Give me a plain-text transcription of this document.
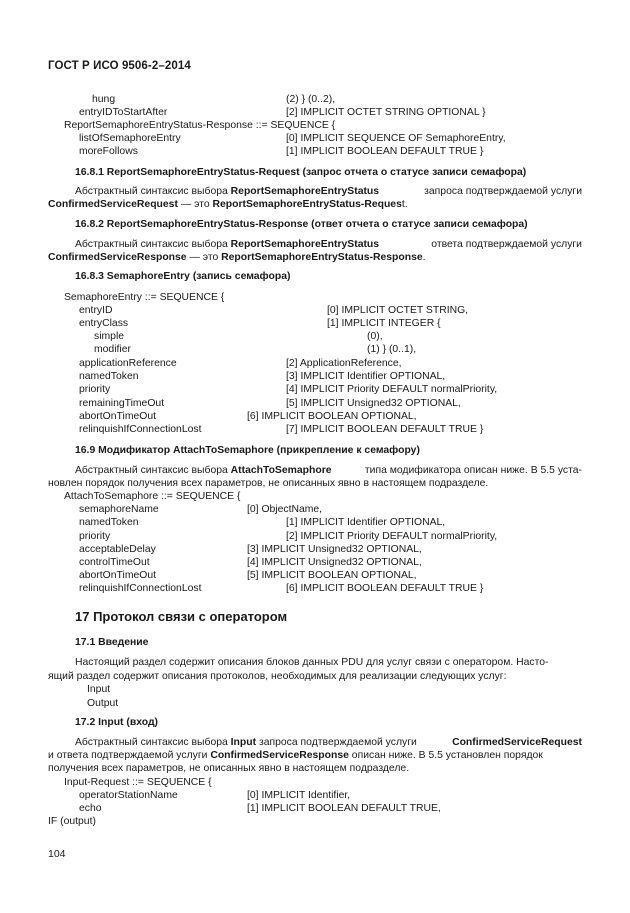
ГОСТ Р ИСО 9506-2–2014
hung	(2) } (0..2),
entryIDToStartAfter	[2] IMPLICIT OCTET STRING OPTIONAL }
ReportSemaphoreEntryStatus-Response ::= SEQUENCE {
listOfSemaphoreEntry	[0] IMPLICIT SEQUENCE OF SemaphoreEntry,
moreFollows	[1] IMPLICIT BOOLEAN DEFAULT TRUE }
16.8.1 ReportSemaphoreEntryStatus-Request (запрос отчета о статусе записи семафора)
Абстрактный синтаксис выбора ReportSemaphoreEntryStatus	запроса подтверждаемой услуги
ConfirmedServiceRequest — это ReportSemaphoreEntryStatus-Request.
16.8.2 ReportSemaphoreEntryStatus-Response (ответ отчета о статусе записи семафора)
Абстрактный синтаксис выбора ReportSemaphoreEntryStatus	ответа подтверждаемой услуги
ConfirmedServiceResponse — это ReportSemaphoreEntryStatus-Response.
16.8.3 SemaphoreEntry (запись семафора)
SemaphoreEntry ::= SEQUENCE {
entryID	[0] IMPLICIT OCTET STRING,
entryClass	[1] IMPLICIT INTEGER {
simple	(0),
modifier	(1) } (0..1),
applicationReference	[2] ApplicationReference,
namedToken	[3] IMPLICIT Identifier OPTIONAL,
priority	[4] IMPLICIT Priority DEFAULT normalPriority,
remainingTimeOut	[5] IMPLICIT Unsigned32 OPTIONAL,
abortOnTimeOut	[6] IMPLICIT BOOLEAN OPTIONAL,
relinquishIfConnectionLost	[7] IMPLICIT BOOLEAN DEFAULT TRUE }
16.9 Модификатор AttachToSemaphore (прикрепление к семафору)
Абстрактный синтаксис выбора AttachToSemaphore	типа модификатора описан ниже. В 5.5 уста-
новлен порядок получения всех параметров, не описанных явно в настоящем подразделе.
AttachToSemaphore ::= SEQUENCE {
semaphoreName	[0] ObjectName,
namedToken	[1] IMPLICIT Identifier OPTIONAL,
priority	[2] IMPLICIT Priority DEFAULT normalPriority,
acceptableDelay	[3] IMPLICIT Unsigned32 OPTIONAL,
controlTimeOut	[4] IMPLICIT Unsigned32 OPTIONAL,
abortOnTimeOut	[5] IMPLICIT BOOLEAN OPTIONAL,
relinquishIfConnectionLost	[6] IMPLICIT BOOLEAN DEFAULT TRUE }
17 Протокол связи с оператором
17.1 Введение
Настоящий раздел содержит описания блоков данных PDU для услуг связи с оператором. Насто-
ящий раздел содержит описания протоколов, необходимых для реализации следующих услуг:
Input
Output
17.2 Input (вход)
Абстрактный синтаксис выбора Input запроса подтверждаемой услуги	ConfirmedServiceRequest
и ответа подтверждаемой услуги ConfirmedServiceResponse описан ниже. В 5.5 установлен порядок
получения всех параметров, не описанных явно в настоящем подразделе.
Input-Request ::= SEQUENCE {
operatorStationName	[0] IMPLICIT Identifier,
echo	[1] IMPLICIT BOOLEAN DEFAULT TRUE,
IF (output)
104
